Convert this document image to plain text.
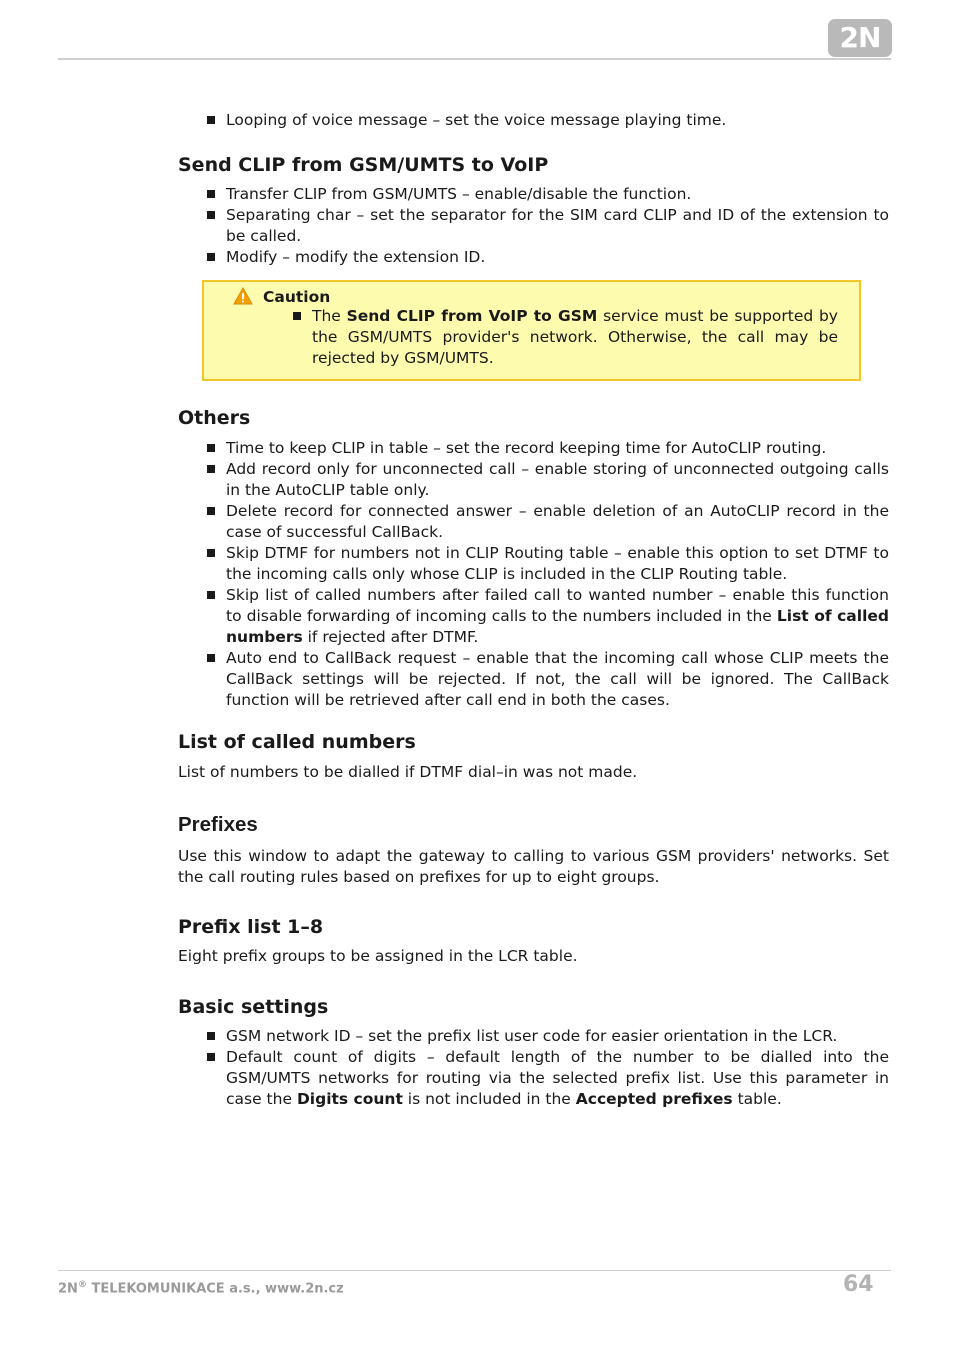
2N
Looping of voice message – set the voice message playing time.
Send CLIP from GSM/UMTS to VoIP
Transfer CLIP from GSM/UMTS – enable/disable the function.
Separating char – set the separator for the SIM card CLIP and ID of the extension to be called.
Modify – modify the extension ID.
Caution
The Send CLIP from VoIP to GSM service must be supported by the GSM/UMTS provider's network. Otherwise, the call may be rejected by GSM/UMTS.
Others
Time to keep CLIP in table – set the record keeping time for AutoCLIP routing.
Add record only for unconnected call – enable storing of unconnected outgoing calls in the AutoCLIP table only.
Delete record for connected answer – enable deletion of an AutoCLIP record in the case of successful CallBack.
Skip DTMF for numbers not in CLIP Routing table – enable this option to set DTMF to the incoming calls only whose CLIP is included in the CLIP Routing table.
Skip list of called numbers after failed call to wanted number – enable this function to disable forwarding of incoming calls to the numbers included in the List of called numbers if rejected after DTMF.
Auto end to CallBack request – enable that the incoming call whose CLIP meets the CallBack settings will be rejected. If not, the call will be ignored. The CallBack function will be retrieved after call end in both the cases.
List of called numbers

List of numbers to be dialled if DTMF dial–in was not made.

Prefixes

Use this window to adapt the gateway to calling to various GSM providers' networks. Set the call routing rules based on prefixes for up to eight groups.

Prefix list 1–8

Eight prefix groups to be assigned in the LCR table.

Basic settings
GSM network ID – set the prefix list user code for easier orientation in the LCR.
Default count of digits – default length of the number to be dialled into the GSM/UMTS networks for routing via the selected prefix list. Use this parameter in case the Digits count is not included in the Accepted prefixes table.
2N® TELEKOMUNIKACE a.s., www.2n.cz	64
